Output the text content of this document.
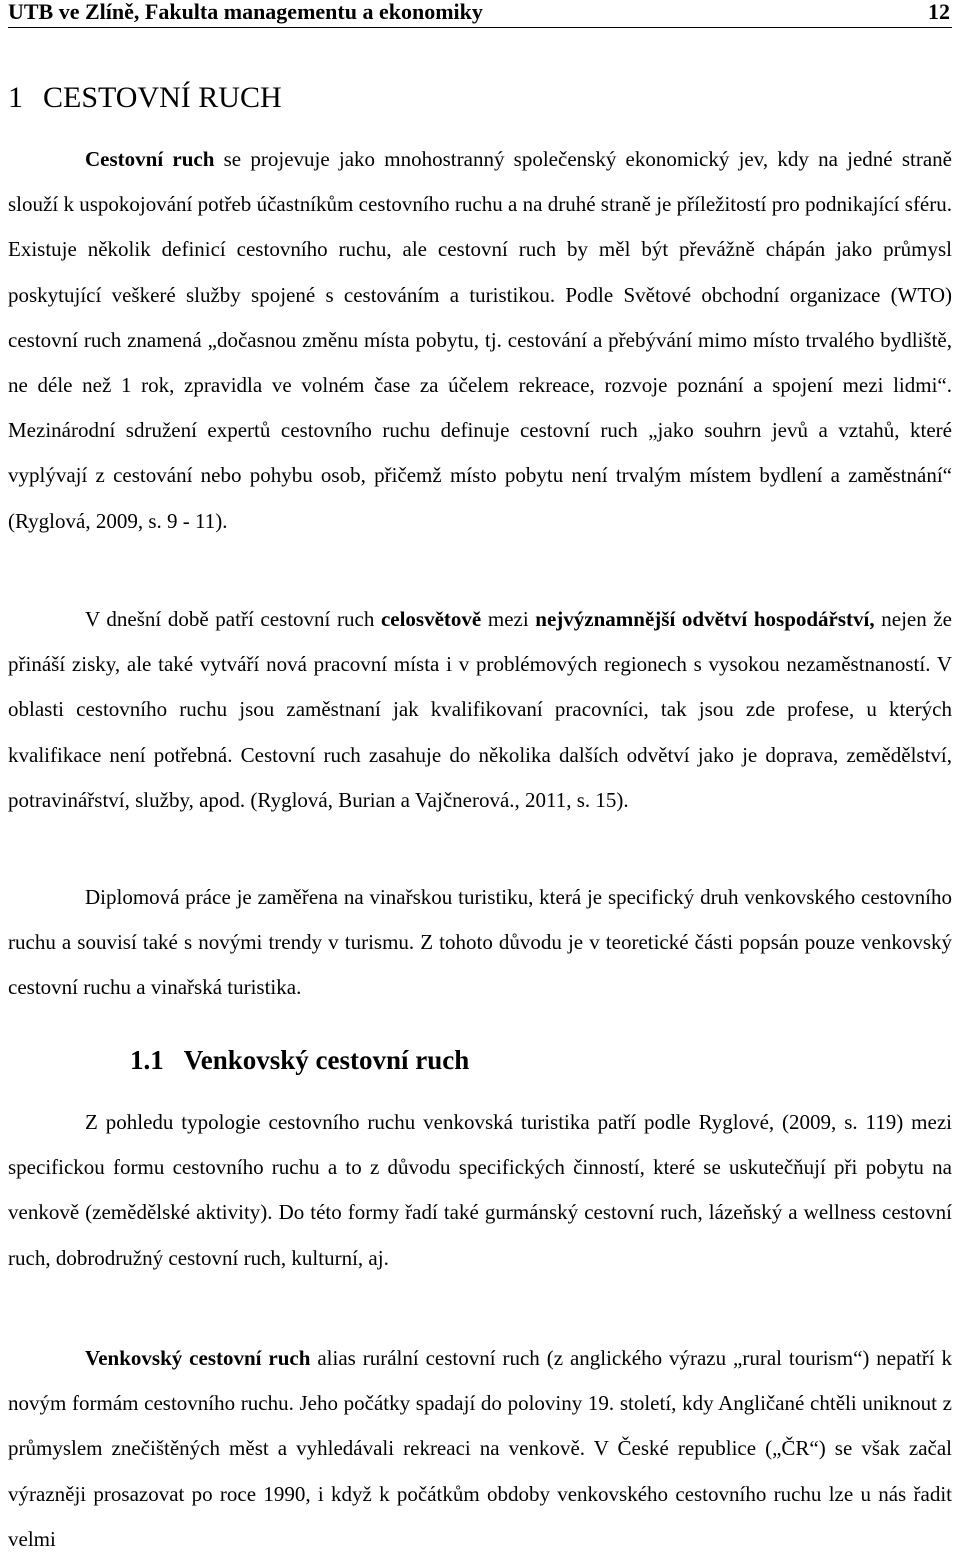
UTB ve Zlíně, Fakultа managementu a ekonomiky	12
1 CESTOVNÍ RUCH

Cestovní ruch se projevuje jako mnohostranný společenský ekonomický jev, kdy na jedné straně slouží k uspokojování potřeb účastníkům cestovního ruchu a na druhé straně je příležitostí pro podnikající sféru. Existuje několik definicí cestovního ruchu, ale cestovní ruch by měl být převážně chápán jako průmysl poskytující veškeré služby spojené s cestováním a turistikou. Podle Světové obchodní organizace (WTO) cestovní ruch znamená „dočasnou změnu místa pobytu, tj. cestování a přebývání mimo místo trvalého bydliště, ne déle než 1 rok, zpravidla ve volném čase za účelem rekreace, rozvoje poznání a spojení mezi lidmi“. Mezinárodní sdružení expertů cestovního ruchu definuje cestovní ruch „jako souhrn jevů a vztahů, které vyplývají z cestování nebo pohybu osob, přičemž místo pobytu není trvalým místem bydlení a zaměstnání“ (Ryglová, 2009, s. 9 - 11).

V dnešní době patří cestovní ruch celosvětově mezi nejvýznamnější odvětví hospodářství, nejen že přináší zisky, ale také vytváří nová pracovní místa i v problémových regionech s vysokou nezaměstnaností. V oblasti cestovního ruchu jsou zaměstnaní jak kvalifikovaní pracovníci, tak jsou zde profese, u kterých kvalifikace není potřebná. Cestovní ruch zasahuje do několika dalších odvětví jako je doprava, zemědělství, potravinářství, služby, apod. (Ryglová, Burian a Vajčnerová., 2011, s. 15).

Diplomová práce je zaměřena na vinařskou turistiku, která je specifický druh venkovského cestovního ruchu a souvisí také s novými trendy v turismu. Z tohoto důvodu je v teoretické části popsán pouze venkovský cestovní ruchu a vinařská turistika.

1.1 Venkovský cestovní ruch

Z pohledu typologie cestovního ruchu venkovská turistika patří podle Ryglové, (2009, s. 119) mezi specifickou formu cestovního ruchu a to z důvodu specifických činností, které se uskutečňují při pobytu na venkově (zemědělské aktivity). Do této formy řadí také gurmánský cestovní ruch, lázeňský a wellness cestovní ruch, dobrodružný cestovní ruch, kulturní, aj.

Venkovský cestovní ruch alias rurální cestovní ruch (z anglického výrazu „rural tourism“) nepatří k novým formám cestovního ruchu. Jeho počátky spadají do poloviny 19. století, kdy Angličané chtěli uniknout z průmyslem znečištěných měst a vyhledávali rekreaci na venkově. V České republice („ČR“) se však začal výrazněji prosazovat po roce 1990, i když k počátkům obdoby venkovského cestovního ruchu lze u nás řadit velmi
